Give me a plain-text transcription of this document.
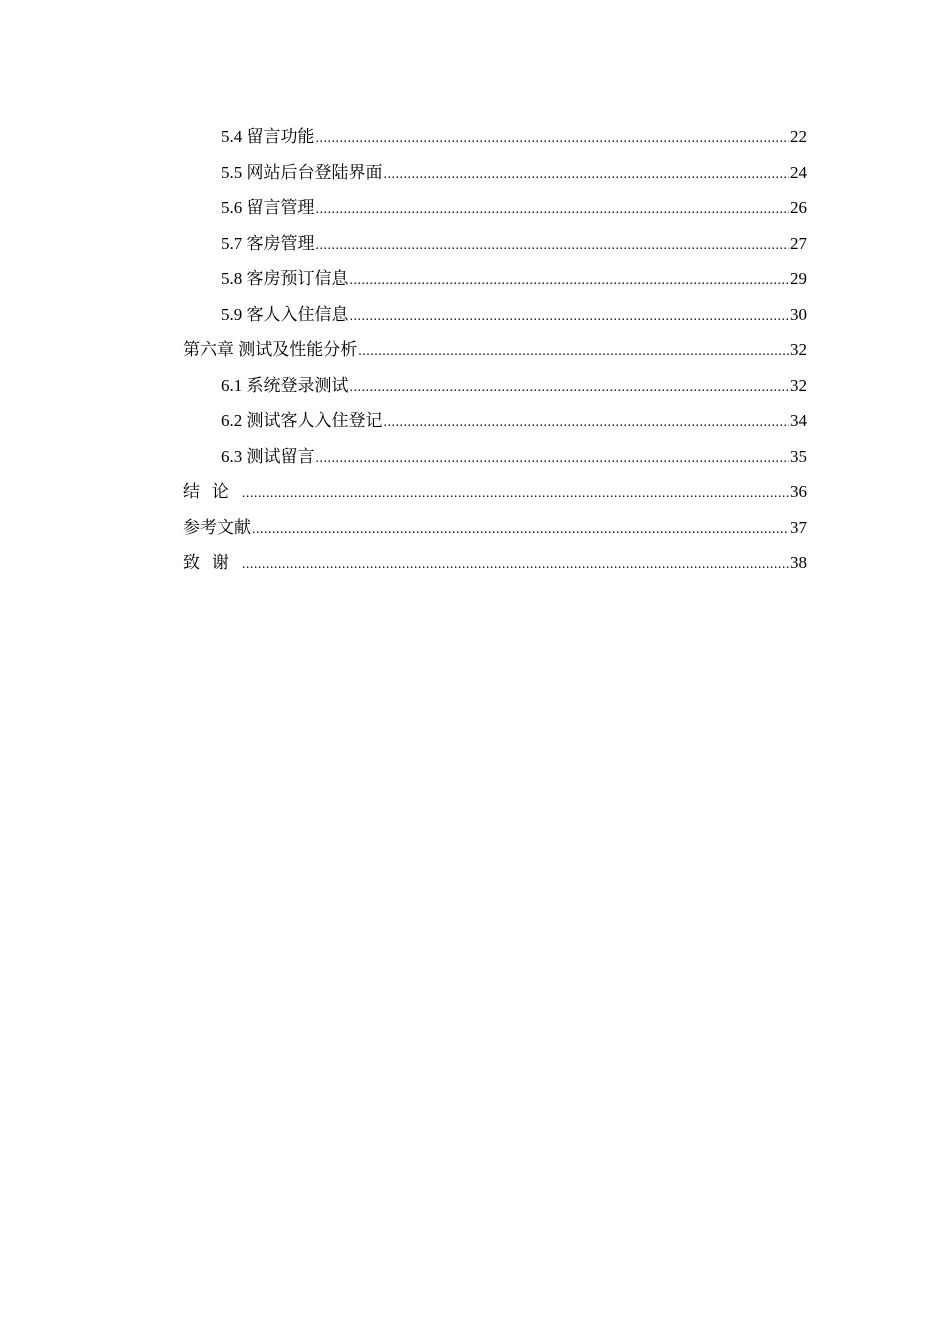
5.4 留言功能 .....	22
5.5 网站后台登陆界面 .....	24
5.6 留言管理 .....	26
5.7 客房管理 .....	27
5.8 客房预订信息 .....	29
5.9 客人入住信息 .....	30
第六章 测试及性能分析 .....	32
6.1 系统登录测试 .....	32
6.2 测试客人入住登记 .....	34
6.3 测试留言 .....	35
结论 .....	36
参考文献 .....	37
致谢 .....	38
